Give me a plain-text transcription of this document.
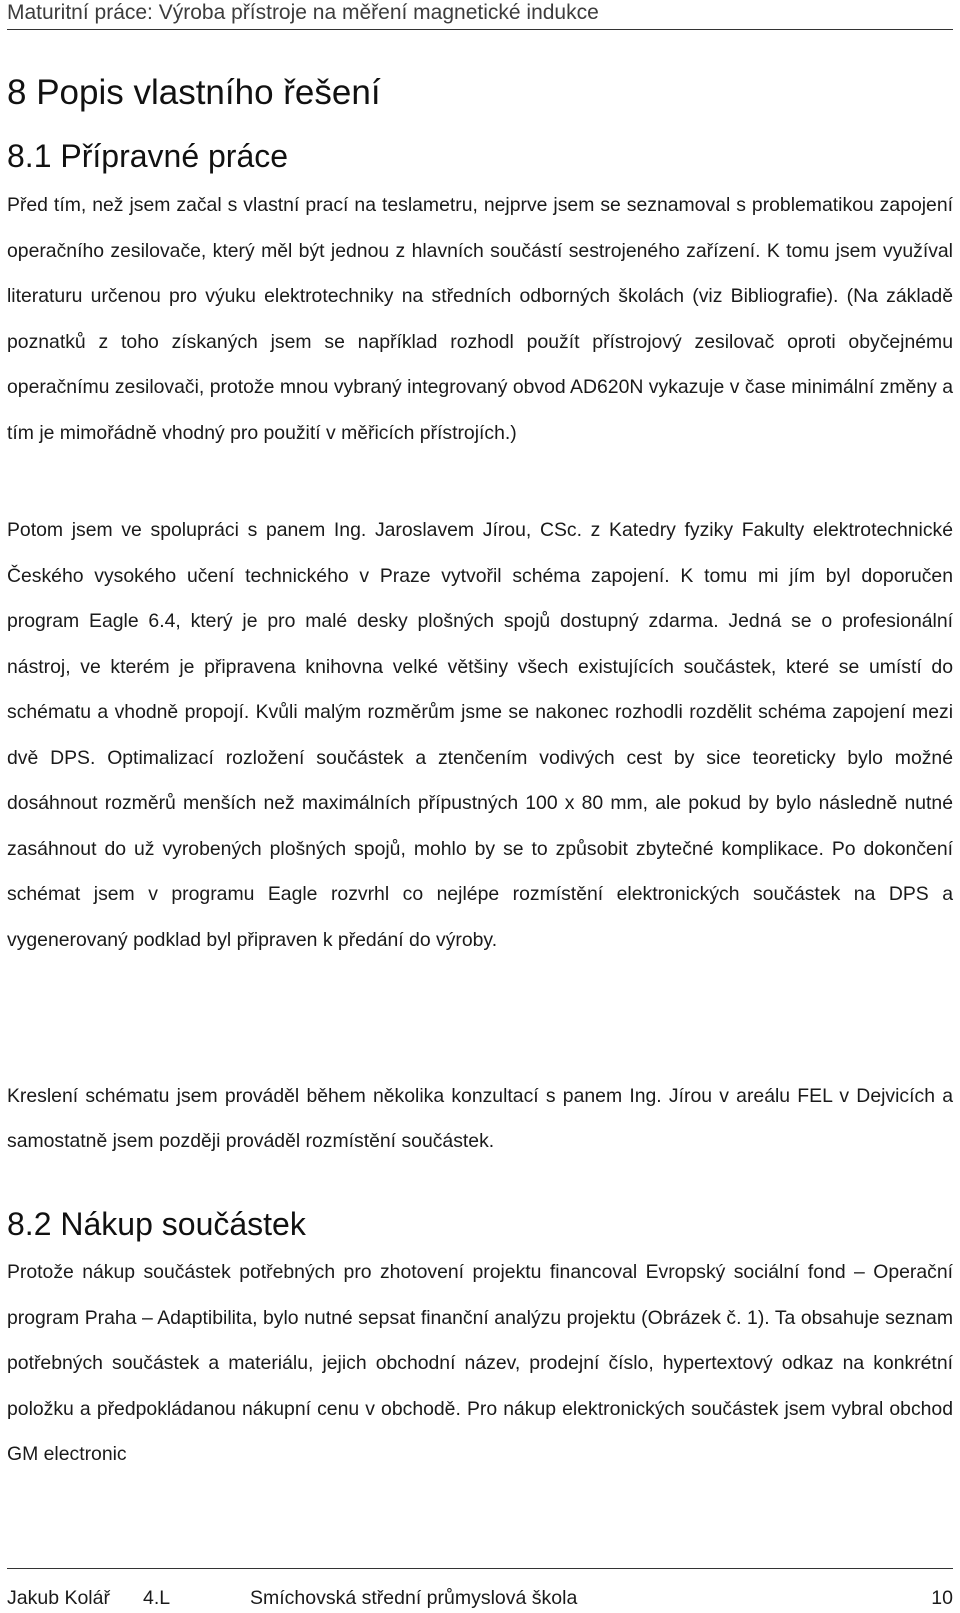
Maturitní práce: Výroba přístroje na měření magnetické indukce
8 Popis vlastního řešení
8.1 Přípravné práce

Před tím, než jsem začal s vlastní prací na teslametru, nejprve jsem se seznamoval s problematikou zapojení operačního zesilovače, který měl být jednou z hlavních součástí sestrojeného zařízení. K tomu jsem využíval literaturu určenou pro výuku elektrotechniky na středních odborných školách (viz Bibliografie). (Na základě poznatků z toho získaných jsem se například rozhodl použít přístrojový zesilovač oproti obyčejnému operačnímu zesilovači, protože mnou vybraný integrovaný obvod AD620N vykazuje v čase minimální změny a tím je mimořádně vhodný pro použití v měřicích přístrojích.)

Potom jsem ve spolupráci s panem Ing. Jaroslavem Jírou, CSc. z Katedry fyziky Fakulty elektrotechnické Českého vysokého učení technického v Praze vytvořil schéma zapojení. K tomu mi jím byl doporučen program Eagle 6.4, který je pro malé desky plošných spojů dostupný zdarma. Jedná se o profesionální nástroj, ve kterém je připravena knihovna velké většiny všech existujících součástek, které se umístí do schématu a vhodně propojí. Kvůli malým rozměrům jsme se nakonec rozhodli rozdělit schéma zapojení mezi dvě DPS. Optimalizací rozložení součástek a ztenčením vodivých cest by sice teoreticky bylo možné dosáhnout rozměrů menších než maximálních přípustných 100 x 80 mm, ale pokud by bylo následně nutné zasáhnout do už vyrobených plošných spojů, mohlo by se to způsobit zbytečné komplikace. Po dokončení schémat jsem v programu Eagle rozvrhl co nejlépe rozmístění elektronických součástek na DPS a vygenerovaný podklad byl připraven k předání do výroby.

Kreslení schématu jsem prováděl během několika konzultací s panem Ing. Jírou v areálu FEL v Dejvicích a samostatně jsem později prováděl rozmístění součástek.

8.2 Nákup součástek

Protože nákup součástek potřebných pro zhotovení projektu financoval Evropský sociální fond – Operační program Praha – Adaptibilita, bylo nutné sepsat finanční analýzu projektu (Obrázek č. 1). Ta obsahuje seznam potřebných součástek a materiálu, jejich obchodní název, prodejní číslo, hypertextový odkaz na konkrétní položku a předpokládanou nákupní cenu v obchodě. Pro nákup elektronických součástek jsem vybral obchod GM electronic

Jakub Kolář 4.L	Smíchovská střední průmyslová škola	10
